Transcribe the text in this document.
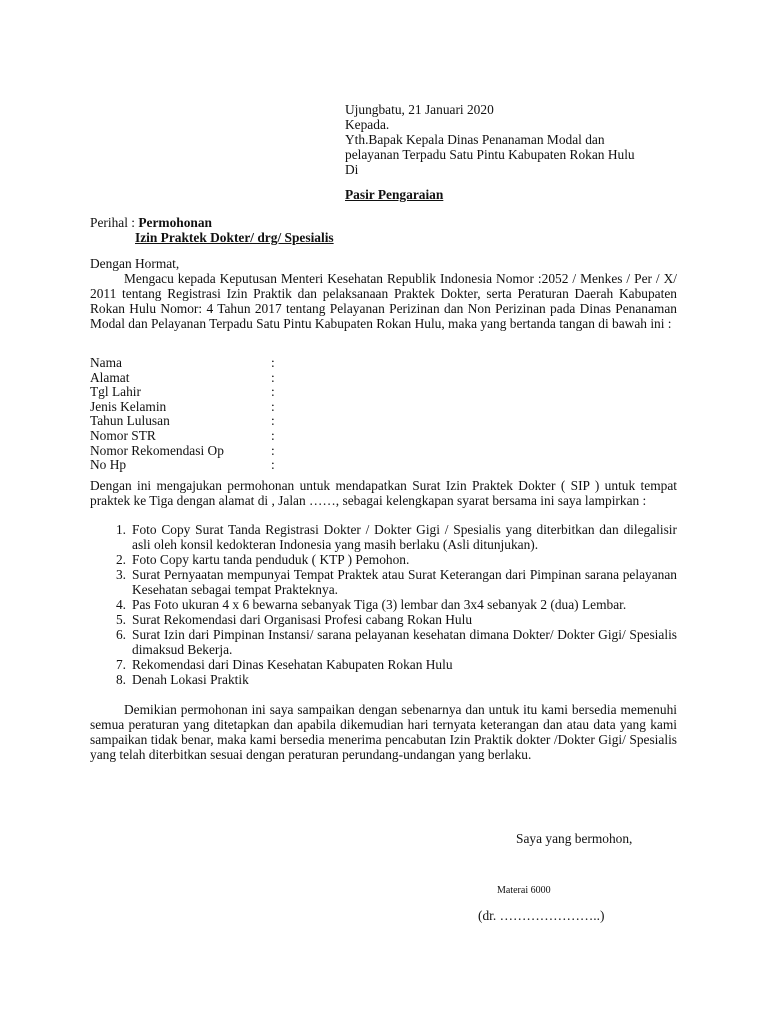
Ujungbatu, 21 Januari 2020
Kepada.
Yth.Bapak Kepala Dinas Penanaman Modal dan
pelayanan Terpadu Satu Pintu Kabupaten Rokan Hulu
Di
Pasir Pengaraian
Perihal : Permohonan
Izin Praktek Dokter/ drg/ Spesialis
Dengan Hormat,

Mengacu kepada Keputusan Menteri Kesehatan Republik Indonesia Nomor :2052 / Menkes / Per / X/ 2011 tentang Registrasi Izin Praktik dan pelaksanaan Praktek Dokter, serta Peraturan Daerah Kabupaten Rokan Hulu Nomor: 4 Tahun 2017 tentang Pelayanan Perizinan dan Non Perizinan pada Dinas Penanaman Modal dan Pelayanan Terpadu Satu Pintu Kabupaten Rokan Hulu, maka yang bertanda tangan di bawah ini :

Nama	:
Alamat	:
Tgl Lahir	:
Jenis Kelamin	:
Tahun Lulusan	:
Nomor STR	:
Nomor Rekomendasi Op	:
No Hp	:

Dengan ini mengajukan permohonan untuk mendapatkan Surat Izin Praktek Dokter ( SIP ) untuk tempat praktek ke Tiga dengan alamat di , Jalan ……, sebagai kelengkapan syarat bersama ini saya lampirkan :

1. Foto Copy Surat Tanda Registrasi Dokter / Dokter Gigi / Spesialis yang diterbitkan dan dilegalisir asli oleh konsil kedokteran Indonesia yang masih berlaku (Asli ditunjukan).
2. Foto Copy kartu tanda penduduk ( KTP ) Pemohon.
3. Surat Pernyaatan mempunyai Tempat Praktek atau Surat Keterangan dari Pimpinan sarana pelayanan Kesehatan sebagai tempat Prakteknya.
4. Pas Foto ukuran 4 x 6 bewarna sebanyak Tiga (3) lembar dan 3x4 sebanyak 2 (dua) Lembar.
5. Surat Rekomendasi dari Organisasi Profesi cabang Rokan Hulu
6. Surat Izin dari Pimpinan Instansi/ sarana pelayanan kesehatan dimana Dokter/ Dokter Gigi/ Spesialis dimaksud Bekerja.
7. Rekomendasi dari Dinas Kesehatan Kabupaten Rokan Hulu
8. Denah Lokasi Praktik

Demikian permohonan ini saya sampaikan dengan sebenarnya dan untuk itu kami bersedia memenuhi semua peraturan yang ditetapkan dan apabila dikemudian hari ternyata keterangan dan atau data yang kami sampaikan tidak benar, maka kami bersedia menerima pencabutan Izin Praktik dokter /Dokter Gigi/ Spesialis yang telah diterbitkan sesuai dengan peraturan perundang-undangan yang berlaku.

Saya yang bermohon,
Materai 6000
(dr. …………………..)
